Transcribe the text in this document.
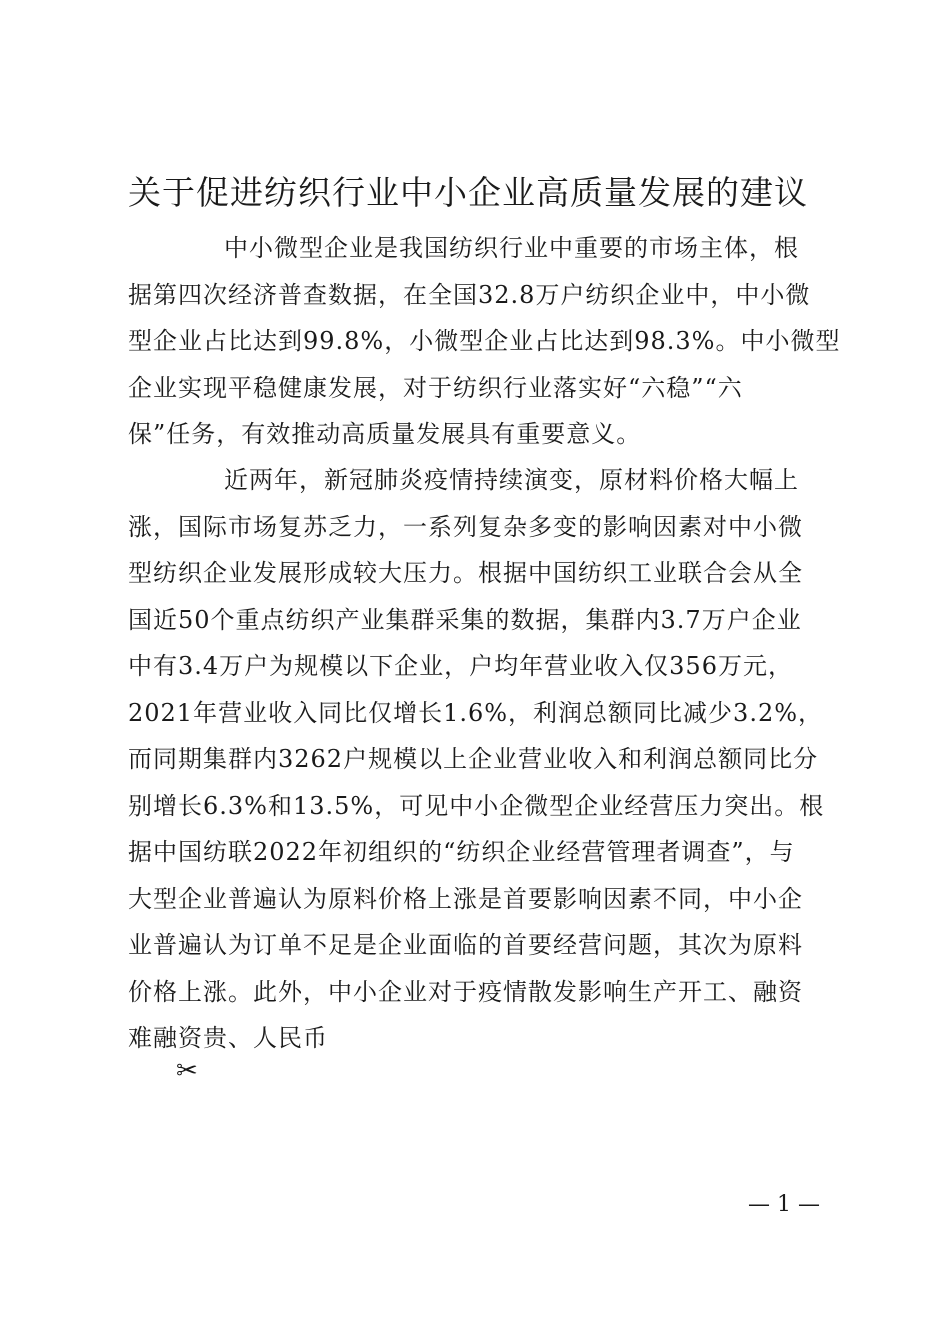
关于促进纺织行业中小企业高质量发展的建议
中小微型企业是我国纺织行业中重要的市场主体，根
据第四次经济普查数据，在全国32.8万户纺织企业中，中小微
型企业占比达到99.8%，小微型企业占比达到98.3%。中小微型
企业实现平稳健康发展，对于纺织行业落实好“六稳”“六
保”任务，有效推动高质量发展具有重要意义。
近两年，新冠肺炎疫情持续演变，原材料价格大幅上
涨，国际市场复苏乏力，一系列复杂多变的影响因素对中小微
型纺织企业发展形成较大压力。根据中国纺织工业联合会从全
国近50个重点纺织产业集群采集的数据，集群内3.7万户企业
中有3.4万户为规模以下企业，户均年营业收入仅356万元，
2021年营业收入同比仅增长1.6%，利润总额同比减少3.2%，
而同期集群内3262户规模以上企业营业收入和利润总额同比分
别增长6.3%和13.5%，可见中小企微型企业经营压力突出。根
据中国纺联2022年初组织的“纺织企业经营管理者调查”，与
大型企业普遍认为原料价格上涨是首要影响因素不同，中小企
业普遍认为订单不足是企业面临的首要经营问题，其次为原料
价格上涨。此外，中小企业对于疫情散发影响生产开工、融资
难融资贵、人民币
✂
— 1 —
